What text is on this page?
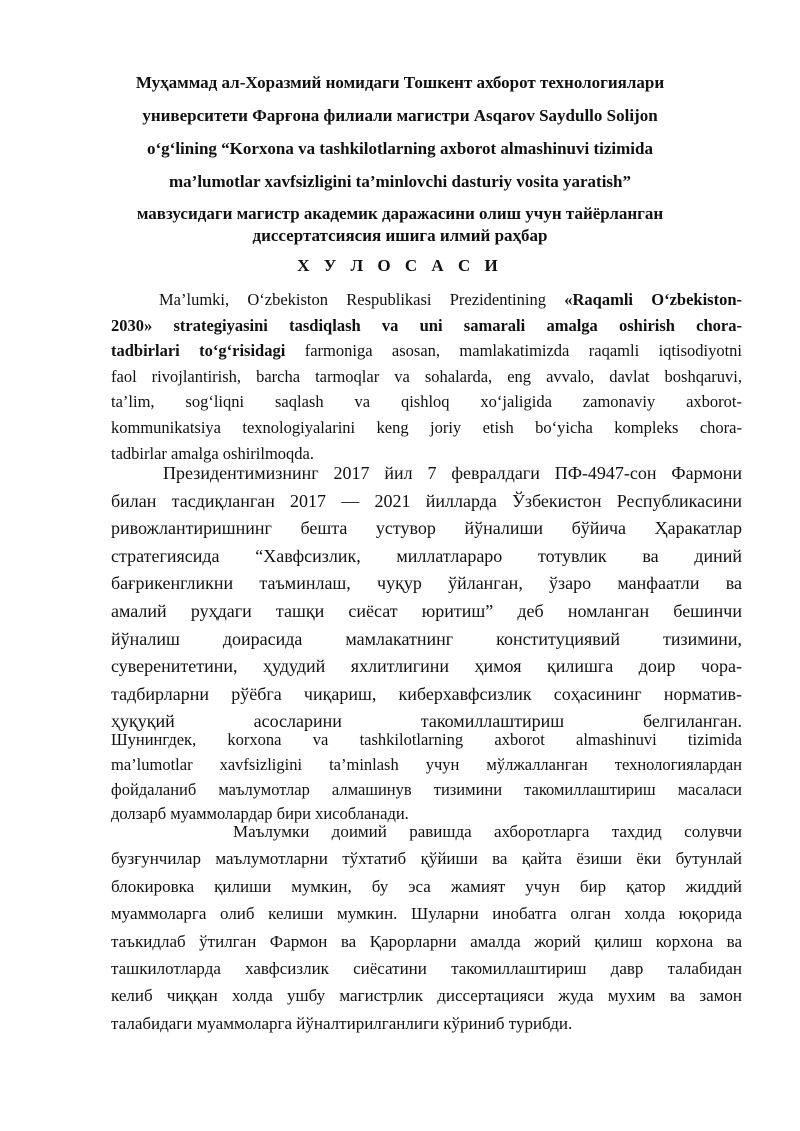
Муҳаммад ал-Хоразмий номидаги Тошкент ахборот технологиялари
университети Фарғона филиали магистри Asqarov Saydullo Solijon
o‘g‘lining “Korxona va tashkilotlarning axborot almashinuvi tizimida
ma’lumotlar xavfsizligini ta’minlovchi dasturiy vosita yaratish”
мавзусидаги магистр академик даражасини олиш учун тайёрланган
диссертатсиясия ишига илмий раҳбар
Х У Л О С А С И
Ma’lumki, O‘zbekiston Respublikasi Prezidentining «Raqamli O‘zbekiston-
2030» strategiyasini tasdiqlash va uni samarali amalga oshirish chora-
tadbirlari to‘g‘risidagi farmoniga asosan, mamlakatimizda raqamli iqtisodiyotni
faol rivojlantirish, barcha tarmoqlar va sohalarda, eng avvalo, davlat boshqaruvi,
ta’lim, sog‘liqni saqlash va qishloq xo‘jaligida zamonaviy axborot-
kommunikatsiya texnologiyalarini keng joriy etish bo‘yicha kompleks chora-
tadbirlar amalga oshirilmoqda.
Президентимизнинг 2017 йил 7 февралдаги ПФ-4947-сон Фармони
билан тасдиқланган 2017 — 2021 йилларда Ўзбекистон Республикасини
ривожлантиришнинг бешта устувор йўналиши бўйича Ҳаракатлар
стратегиясида “Хавфсизлик, миллатлараро тотувлик ва диний
бағрикенгликни таъминлаш, чуқур ўйланган, ўзаро манфаатли ва
амалий руҳдаги ташқи сиёсат юритиш” деб номланган бешинчи
йўналиш доирасида мамлакатнинг конституциявий тизимини,
суверенитетини, ҳудудий яхлитлигини ҳимоя қилишга доир чора-
тадбирларни рўёбга чиқариш, киберхавфсизлик соҳасининг норматив-
ҳуқуқий асосларини такомиллаштириш белгиланган.
Шунингдек, korxona va tashkilotlarning axborot almashinuvi tizimida
ma’lumotlar xavfsizligini ta’minlash учун мўлжалланган технологиялардан
фойдаланиб маълумотлар алмашинув тизимини такомиллаштириш масаласи
долзарб муаммолардар бири хисобланади.
Маълумки доимий равишда ахборотларга тахдид солувчи
бузғунчилар маълумотларни тўхтатиб қўйиши ва қайта ёзиши ёки бутунлай
блокировка қилиши мумкин, бу эса жамият учун бир қатор жиддий
муаммоларга олиб келиши мумкин. Шуларни инобатга олган холда юқорида
таъкидлаб ўтилган Фармон ва Қарорларни амалда жорий қилиш корхона ва
ташкилотларда хавфсизлик сиёсатини такомиллаштириш давр талабидан
келиб чиққан холда ушбу магистрлик диссертацияси жуда мухим ва замон
талабидаги муаммоларга йўналтирилганлиги кўриниб турибди.
